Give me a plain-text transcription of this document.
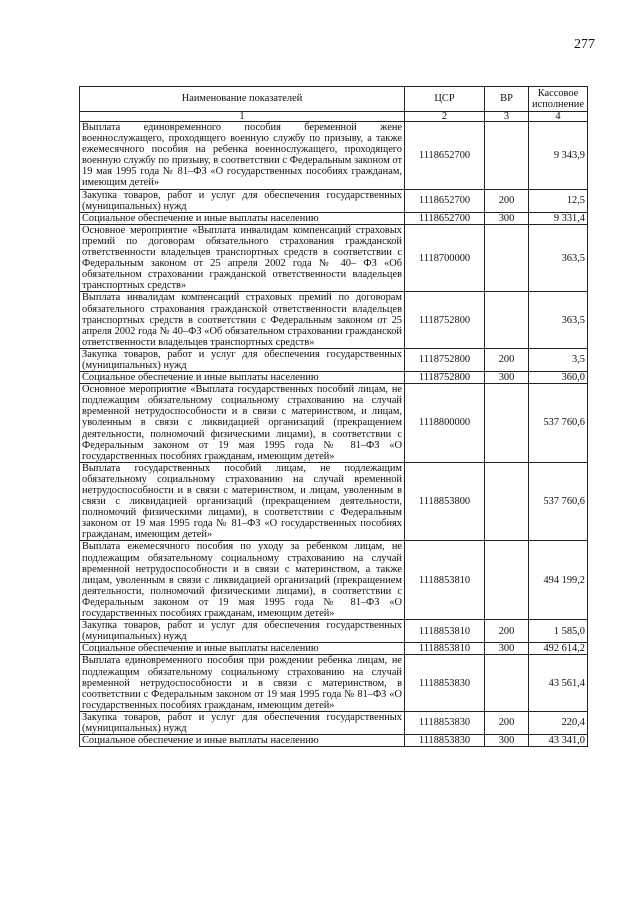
277
Наименование показателей	ЦСР	ВР	Кассовое исполнение
1	2	3	4
Выплата единовременного пособия беременной жене военнослужащего, проходящего военную службу по призыву, а также ежемесячного пособия на ребенка военнослужащего, проходящего военную службу по призыву, в соответствии с Федеральным законом от 19 мая 1995 года № 81–ФЗ «О государственных пособиях гражданам, имеющим детей»	1118652700		9 343,9
Закупка товаров, работ и услуг для обеспечения государственных (муниципальных) нужд	1118652700	200	12,5
Социальное обеспечение и иные выплаты населению	1118652700	300	9 331,4
Основное мероприятие «Выплата инвалидам компенсаций страховых премий по договорам обязательного страхования гражданской ответственности владельцев транспортных средств в соответствии с Федеральным законом от 25 апреля 2002 года № 40– ФЗ «Об обязательном страховании гражданской ответственности владельцев транспортных средств»	1118700000		363,5
Выплата инвалидам компенсаций страховых премий по договорам обязательного страхования гражданской ответственности владельцев транспортных средств в соответствии с Федеральным законом от 25 апреля 2002 года № 40–ФЗ «Об обязательном страховании гражданской ответственности владельцев транспортных средств»	1118752800		363,5
Закупка товаров, работ и услуг для обеспечения государственных (муниципальных) нужд	1118752800	200	3,5
Социальное обеспечение и иные выплаты населению	1118752800	300	360,0
Основное мероприятие «Выплата государственных пособий лицам, не подлежащим обязательному социальному страхованию на случай временной нетрудоспособности и в связи с материнством, и лицам, уволенным в связи с ликвидацией организаций (прекращением деятельности, полномочий физическими лицами), в соответствии с Федеральным законом от 19 мая 1995 года № 81–ФЗ «О государственных пособиях гражданам, имеющим детей»	1118800000		537 760,6
Выплата государственных пособий лицам, не подлежащим обязательному социальному страхованию на случай временной нетрудоспособности и в связи с материнством, и лицам, уволенным в связи с ликвидацией организаций (прекращением деятельности, полномочий физическими лицами), в соответствии с Федеральным законом от 19 мая 1995 года № 81–ФЗ «О государственных пособиях гражданам, имеющим детей»	1118853800		537 760,6
Выплата ежемесячного пособия по уходу за ребенком лицам, не подлежащим обязательному социальному страхованию на случай временной нетрудоспособности и в связи с материнством, а также лицам, уволенным в связи с ликвидацией организаций (прекращением деятельности, полномочий физическими лицами), в соответствии с Федеральным законом от 19 мая 1995 года № 81–ФЗ «О государственных пособиях гражданам, имеющим детей»	1118853810		494 199,2
Закупка товаров, работ и услуг для обеспечения государственных (муниципальных) нужд	1118853810	200	1 585,0
Социальное обеспечение и иные выплаты населению	1118853810	300	492 614,2
Выплата единовременного пособия при рождении ребенка лицам, не подлежащим обязательному социальному страхованию на случай временной нетрудоспособности и в связи с материнством, в соответствии с Федеральным законом от 19 мая 1995 года № 81–ФЗ «О государственных пособиях гражданам, имеющим детей»	1118853830		43 561,4
Закупка товаров, работ и услуг для обеспечения государственных (муниципальных) нужд	1118853830	200	220,4
Социальное обеспечение и иные выплаты населению	1118853830	300	43 341,0
